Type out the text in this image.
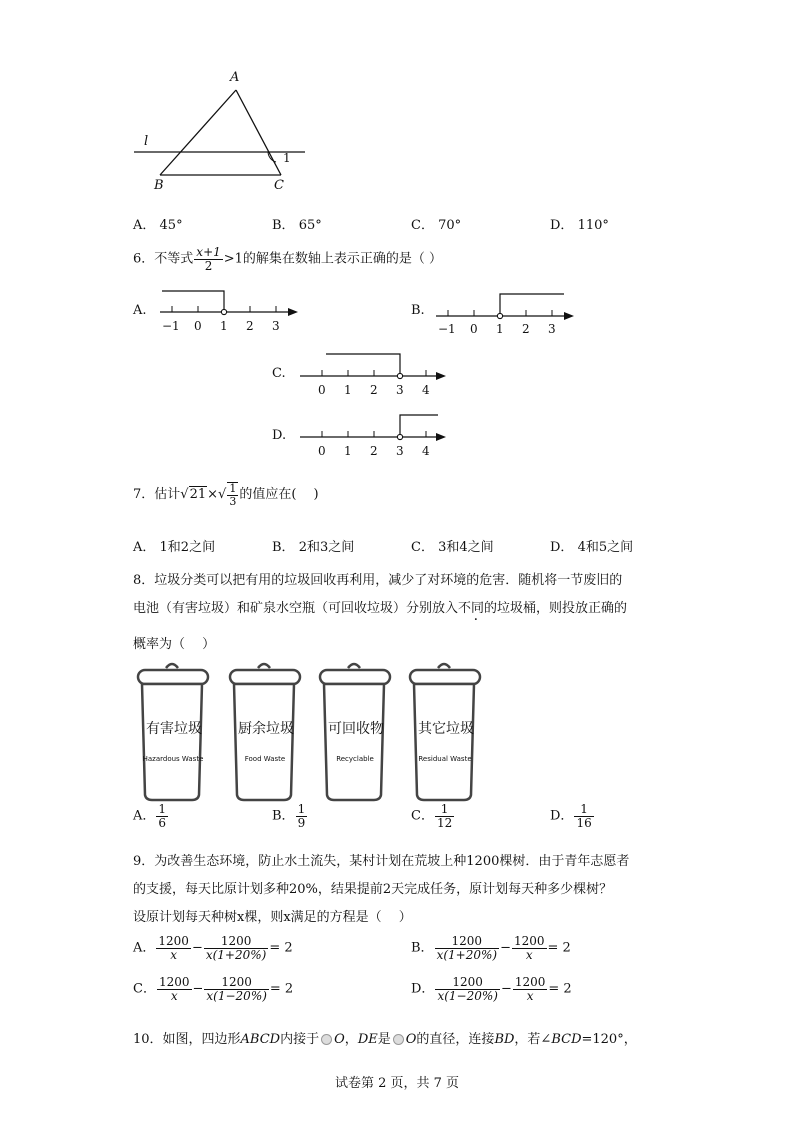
A
B	C
l
1
A． 45°	B． 65°	C． 70°	D． 110°
6．不等式 $\frac{x+1}{2} >1$的解集在数轴上表示正确的是（ ）
A.	B.
C.
D.
−1 0 1 2 3	−1 0 1 2 3
0 1 2 3 4
0 1 2 3 4
7．估计$√21\times√ \frac{1}{3}$ 的值应在(　 )
A． 1和2之间	B． 2和3之间	C． 3和4之间	D． 4和5之间
8．垃圾分类可以把有用的垃圾回收再利用，减少了对环境的危害．随机将一节废旧的
电池（有害垃圾）和矿泉水空瓶（可回收垃圾）分别放入不同的垃圾桶，则投放正确的
概率为（　 ）
有害垃圾
Hazardous Waste
厨余垃圾
Food Waste
可回收物
Recyclable
其它垃圾
Residual Waste
A． $\frac{1}{6}$	B． $\frac{1}{9}$	C． $\frac{1}{12}$	D． $\frac{1}{16}$
9．为改善生态环境，防止水土流失，某村计划在荒坡上种1200棵树．由于青年志愿者
的支援，每天比原计划多种20%，结果提前2天完成任务，原计划每天种多少棵树？
设原计划每天种树x棵，则x满足的方程是（　 ）
A． $\frac{1200}{x} - \frac{1200}{x(1+20\%)} = 2$	B． $\frac{1200}{x(1+20\%)} - \frac{1200}{x} = 2$
C． $\frac{1200}{x} - \frac{1200}{x(1-20\%)} = 2$	D． $\frac{1200}{x(1-20\%)} - \frac{1200}{x} = 2$
10．如图，四边形ABCD内接于 O，DE是 O的直径，连接BD，若∠BCD=120°，
试卷第 2 页，共 7 页
